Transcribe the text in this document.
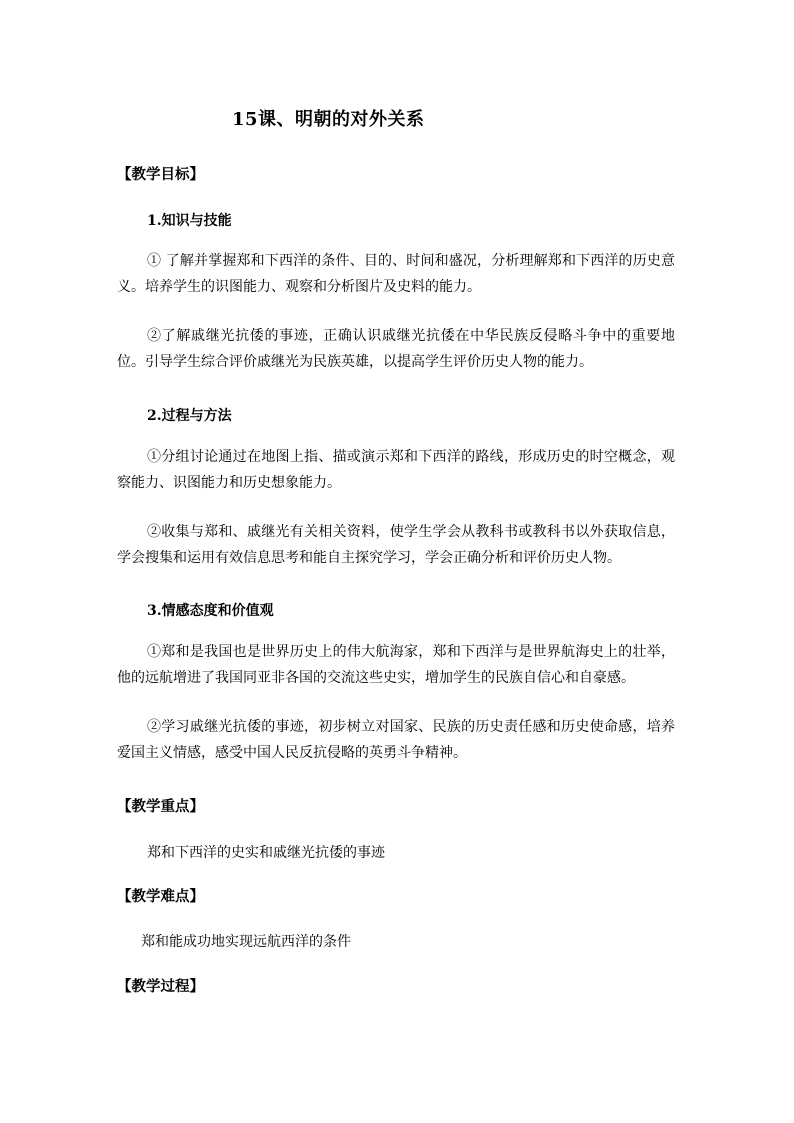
15课、明朝的对外关系
【教学目标】
1.知识与技能
① 了解并掌握郑和下西洋的条件、目的、时间和盛况，分析理解郑和下西洋的历史意义。培养学生的识图能力、观察和分析图片及史料的能力。
②了解戚继光抗倭的事迹，正确认识戚继光抗倭在中华民族反侵略斗争中的重要地位。引导学生综合评价戚继光为民族英雄，以提高学生评价历史人物的能力。
2.过程与方法
①分组讨论通过在地图上指、描或演示郑和下西洋的路线，形成历史的时空概念，观察能力、识图能力和历史想象能力。
②收集与郑和、戚继光有关相关资料，使学生学会从教科书或教科书以外获取信息，学会搜集和运用有效信息思考和能自主探究学习，学会正确分析和评价历史人物。
3.情感态度和价值观
①郑和是我国也是世界历史上的伟大航海家，郑和下西洋与是世界航海史上的壮举，他的远航增进了我国同亚非各国的交流这些史实，增加学生的民族自信心和自豪感。
②学习戚继光抗倭的事迹，初步树立对国家、民族的历史责任感和历史使命感，培养爱国主义情感，感受中国人民反抗侵略的英勇斗争精神。
【教学重点】
郑和下西洋的史实和戚继光抗倭的事迹
【教学难点】
郑和能成功地实现远航西洋的条件
【教学过程】
